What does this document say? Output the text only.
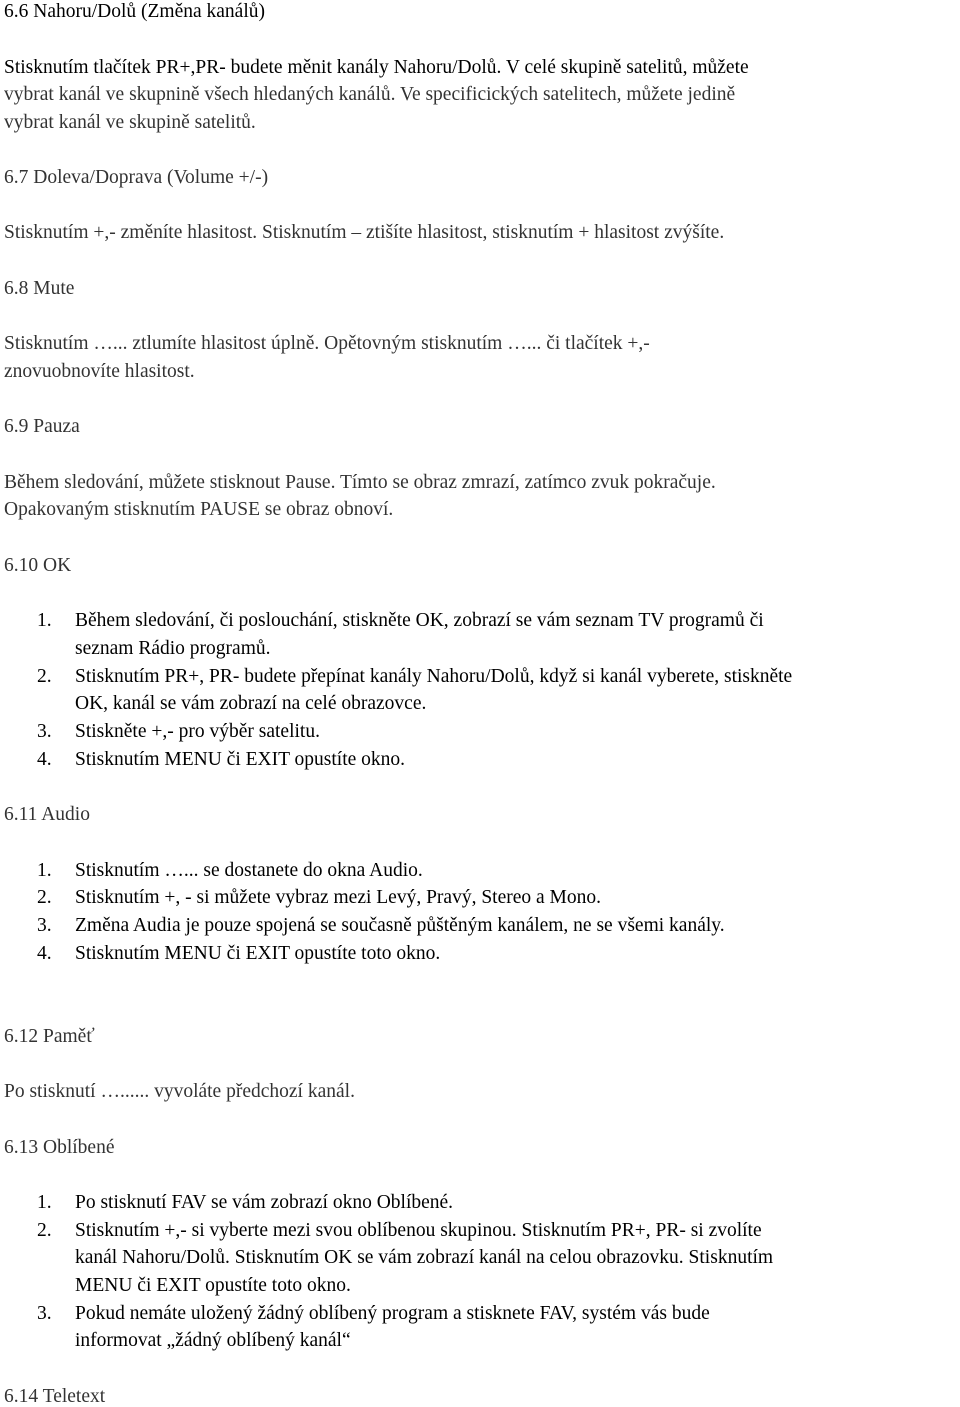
6.6 Nahoru/Dolů (Změna kanálů)
Stisknutím tlačítek PR+,PR- budete měnit kanály Nahoru/Dolů. V celé skupině satelitů, můžete
vybrat kanál ve skupnině všech hledaných kanálů. Ve specificických satelitech, můžete jedině
vybrat kanál ve skupině satelitů.
6.7 Doleva/Doprava (Volume +/-)
Stisknutím +,- změníte hlasitost. Stisknutím – ztišíte hlasitost, stisknutím + hlasitost zvýšíte.
6.8 Mute
Stisknutím …... ztlumíte hlasitost úplně. Opětovným stisknutím …... či tlačítek +,-
znovuobnovíte hlasitost.
6.9 Pauza
Během sledování, můžete stisknout Pause. Tímto se obraz zmrazí, zatímco zvuk pokračuje.
Opakovaným stisknutím PAUSE se obraz obnoví.
6.10 OK
1. Během sledování, či poslouchání, stiskněte OK, zobrazí se vám seznam TV programů či
seznam Rádio programů.
2. Stisknutím PR+, PR- budete přepínat kanály Nahoru/Dolů, když si kanál vyberete, stiskněte
OK, kanál se vám zobrazí na celé obrazovce.
3. Stiskněte +,- pro výběr satelitu.
4. Stisknutím MENU či EXIT opustíte okno.
6.11 Audio
1. Stisknutím …... se dostanete do okna Audio.
2. Stisknutím +, - si můžete vybraz mezi Levý, Pravý, Stereo a Mono.
3. Změna Audia je pouze spojená se současně půštěným kanálem, ne se všemi kanály.
4. Stisknutím MENU či EXIT opustíte toto okno.
6.12 Paměť
Po stisknutí …...... vyvoláte předchozí kanál.
6.13 Oblíbené
1. Po stisknutí FAV se vám zobrazí okno Oblíbené.
2. Stisknutím +,- si vyberte mezi svou oblíbenou skupinou. Stisknutím PR+, PR- si zvolíte
kanál Nahoru/Dolů. Stisknutím OK se vám zobrazí kanál na celou obrazovku. Stisknutím
MENU či EXIT opustíte toto okno.
3. Pokud nemáte uložený žádný oblíbený program a stisknete FAV, systém vás bude
informovat „žádný oblíbený kanál“
6.14 Teletext
